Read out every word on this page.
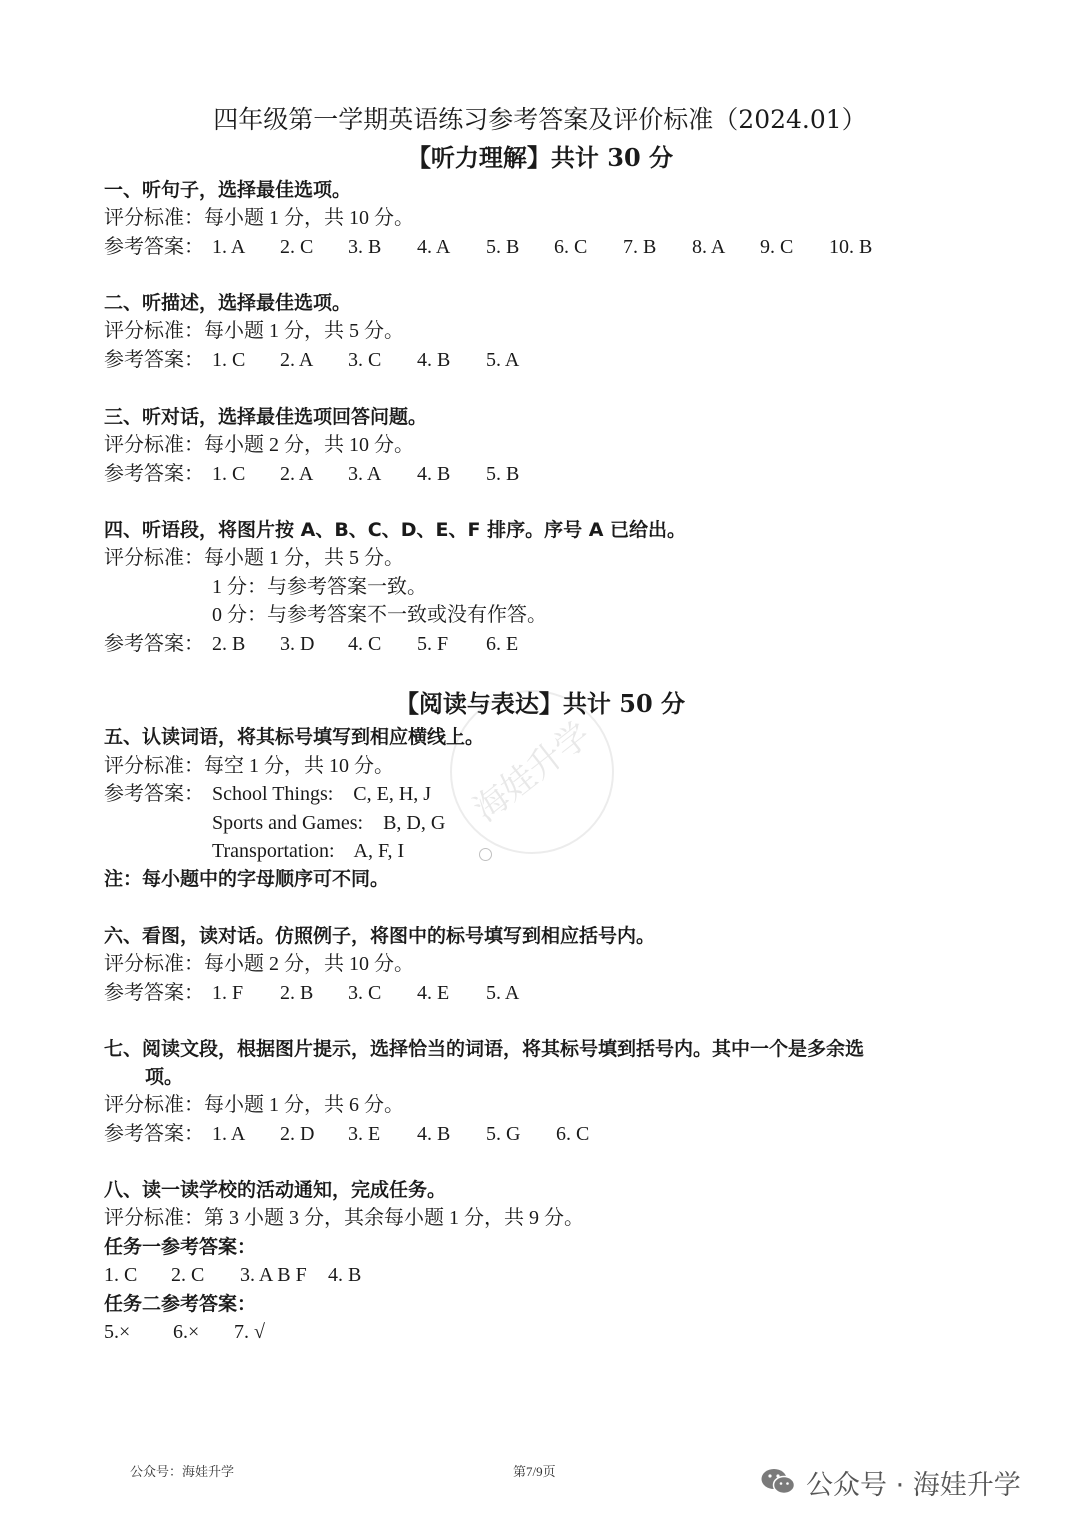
海娃升学
四年级第一学期英语练习参考答案及评价标准（2024.01）
【听力理解】共计 30 分
一、听句子，选择最佳选项。
评分标准：每小题 1 分，共 10 分。
参考答案： 1. A 2. C 3. B 4. A 5. B 6. C 7. B 8. A 9. C 10. B
二、听描述，选择最佳选项。
评分标准：每小题 1 分，共 5 分。
参考答案： 1. C 2. A 3. C 4. B 5. A
三、听对话，选择最佳选项回答问题。
评分标准：每小题 2 分，共 10 分。
参考答案： 1. C 2. A 3. A 4. B 5. B
四、听语段，将图片按 A、B、C、D、E、F 排序。序号 A 已给出。
评分标准：每小题 1 分，共 5 分。
1 分：与参考答案一致。
0 分：与参考答案不一致或没有作答。
参考答案： 2. B 3. D 4. C 5. F 6. E
【阅读与表达】共计 50 分
五、认读词语，将其标号填写到相应横线上。
评分标准：每空 1 分，共 10 分。
参考答案： School Things:    C, E, H, J
Sports and Games:    B, D, G
Transportation:    A, F, I
注：每小题中的字母顺序可不同。
六、看图，读对话。仿照例子，将图中的标号填写到相应括号内。
评分标准：每小题 2 分，共 10 分。
参考答案： 1. F 2. B 3. C 4. E 5. A
七、阅读文段，根据图片提示，选择恰当的词语，将其标号填到括号内。其中一个是多余选
项。
评分标准：每小题 1 分，共 6 分。
参考答案： 1. A 2. D 3. E 4. B 5. G 6. C
八、读一读学校的活动通知，完成任务。
评分标准：第 3 小题 3 分，其余每小题 1 分，共 9 分。
任务一参考答案：
1. C 2. C 3. A B F 4. B
任务二参考答案：
5.× 6.× 7. √
公众号：海娃升学	第7/9页	公众号 · 海娃升学
